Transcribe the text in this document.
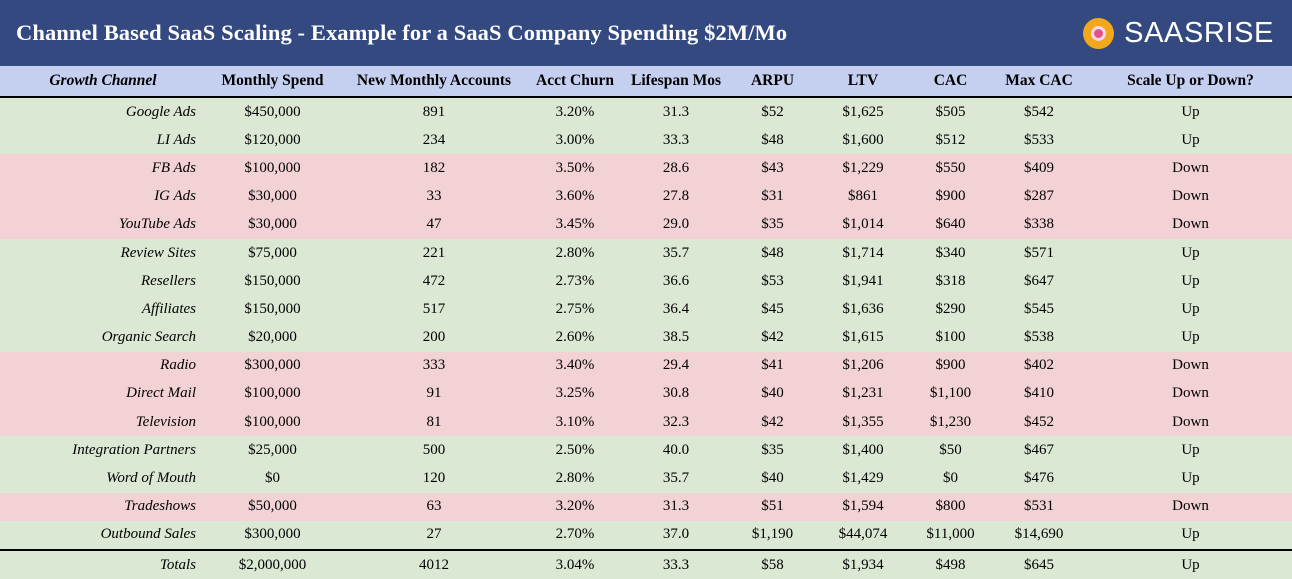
Channel Based SaaS Scaling - Example for a SaaS Company Spending $2M/Mo	SAASRISE
Growth Channel	Monthly Spend	New Monthly Accounts	Acct Churn	Lifespan Mos	ARPU	LTV	CAC	Max CAC	Scale Up or Down?
Google Ads	$450,000	891	3.20%	31.3	$52	$1,625	$505	$542	Up
LI Ads	$120,000	234	3.00%	33.3	$48	$1,600	$512	$533	Up
FB Ads	$100,000	182	3.50%	28.6	$43	$1,229	$550	$409	Down
IG Ads	$30,000	33	3.60%	27.8	$31	$861	$900	$287	Down
YouTube Ads	$30,000	47	3.45%	29.0	$35	$1,014	$640	$338	Down
Review Sites	$75,000	221	2.80%	35.7	$48	$1,714	$340	$571	Up
Resellers	$150,000	472	2.73%	36.6	$53	$1,941	$318	$647	Up
Affiliates	$150,000	517	2.75%	36.4	$45	$1,636	$290	$545	Up
Organic Search	$20,000	200	2.60%	38.5	$42	$1,615	$100	$538	Up
Radio	$300,000	333	3.40%	29.4	$41	$1,206	$900	$402	Down
Direct Mail	$100,000	91	3.25%	30.8	$40	$1,231	$1,100	$410	Down
Television	$100,000	81	3.10%	32.3	$42	$1,355	$1,230	$452	Down
Integration Partners	$25,000	500	2.50%	40.0	$35	$1,400	$50	$467	Up
Word of Mouth	$0	120	2.80%	35.7	$40	$1,429	$0	$476	Up
Tradeshows	$50,000	63	3.20%	31.3	$51	$1,594	$800	$531	Down
Outbound Sales	$300,000	27	2.70%	37.0	$1,190	$44,074	$11,000	$14,690	Up
Totals	$2,000,000	4012	3.04%	33.3	$58	$1,934	$498	$645	Up
